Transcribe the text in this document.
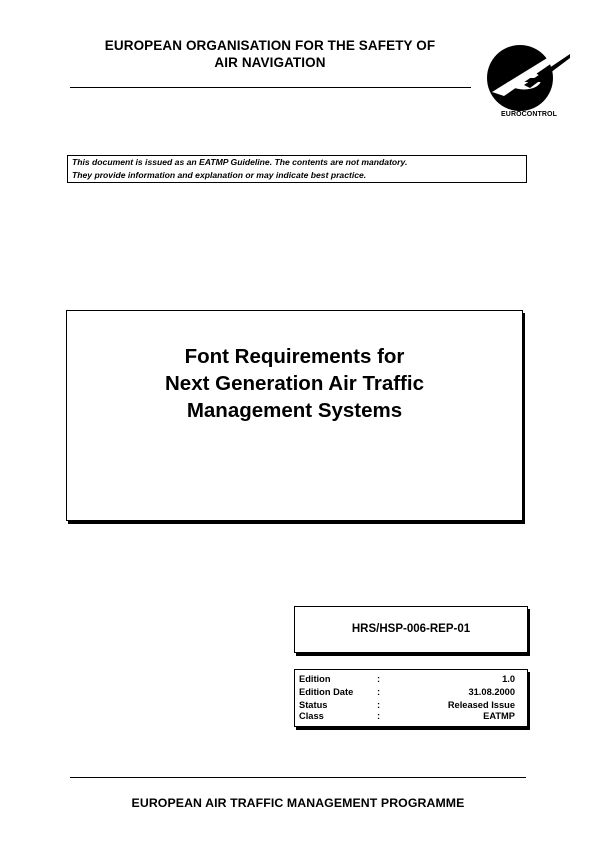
EUROPEAN ORGANISATION FOR THE SAFETY OF
AIR NAVIGATION
EUROCONTROL
This document is issued as an EATMP Guideline. The contents are not mandatory.
They provide information and explanation or may indicate best practice.
Font Requirements for
Next Generation Air Traffic
Management Systems
HRS/HSP-006-REP-01
Edition	:	1.0
Edition Date	:	31.08.2000
Status	:	Released Issue
Class	:	EATMP
EUROPEAN AIR TRAFFIC MANAGEMENT PROGRAMME
